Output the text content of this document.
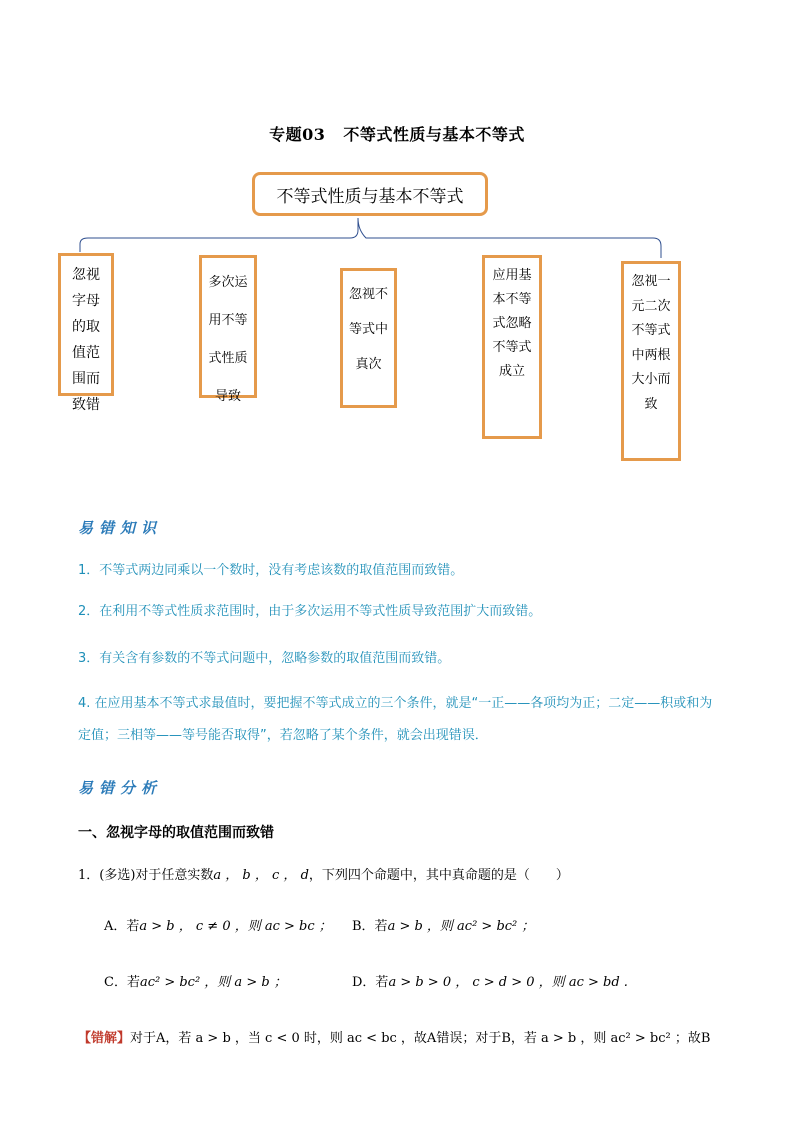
专题03 不等式性质与基本不等式
不等式性质与基本不等式
忽视字母的取值范围而致错
多次运用不等式性质导致
忽视不等式中真次
应用基本不等式忽略不等式成立
忽视一元二次不等式中两根大小而致
易错知识
1．不等式两边同乘以一个数时，没有考虑该数的取值范围而致错。
2．在利用不等式性质求范围时，由于多次运用不等式性质导致范围扩大而致错。
3．有关含有参数的不等式问题中，忽略参数的取值范围而致错。
4. 在应用基本不等式求最值时，要把握不等式成立的三个条件，就是“一正——各项均为正；二定——积或和为定值；三相等——等号能否取得”，若忽略了某个条件，就会出现错误．
易错分析
一、忽视字母的取值范围而致错
1．(多选)对于任意实数a ， b ， c ， d，下列四个命题中，其中真命题的是（　　）
A．若a > b ， c ≠ 0 ，则 ac > bc ； B．若a > b ，则 ac² > bc² ；
C．若ac² > bc² ，则 a > b ；	D．若a > b > 0 ， c > d > 0 ，则 ac > bd .
【错解】对于A，若 a > b ，当 c < 0 时，则 ac < bc ，故A错误；对于B，若 a > b ，则 ac² > bc² ；故B
